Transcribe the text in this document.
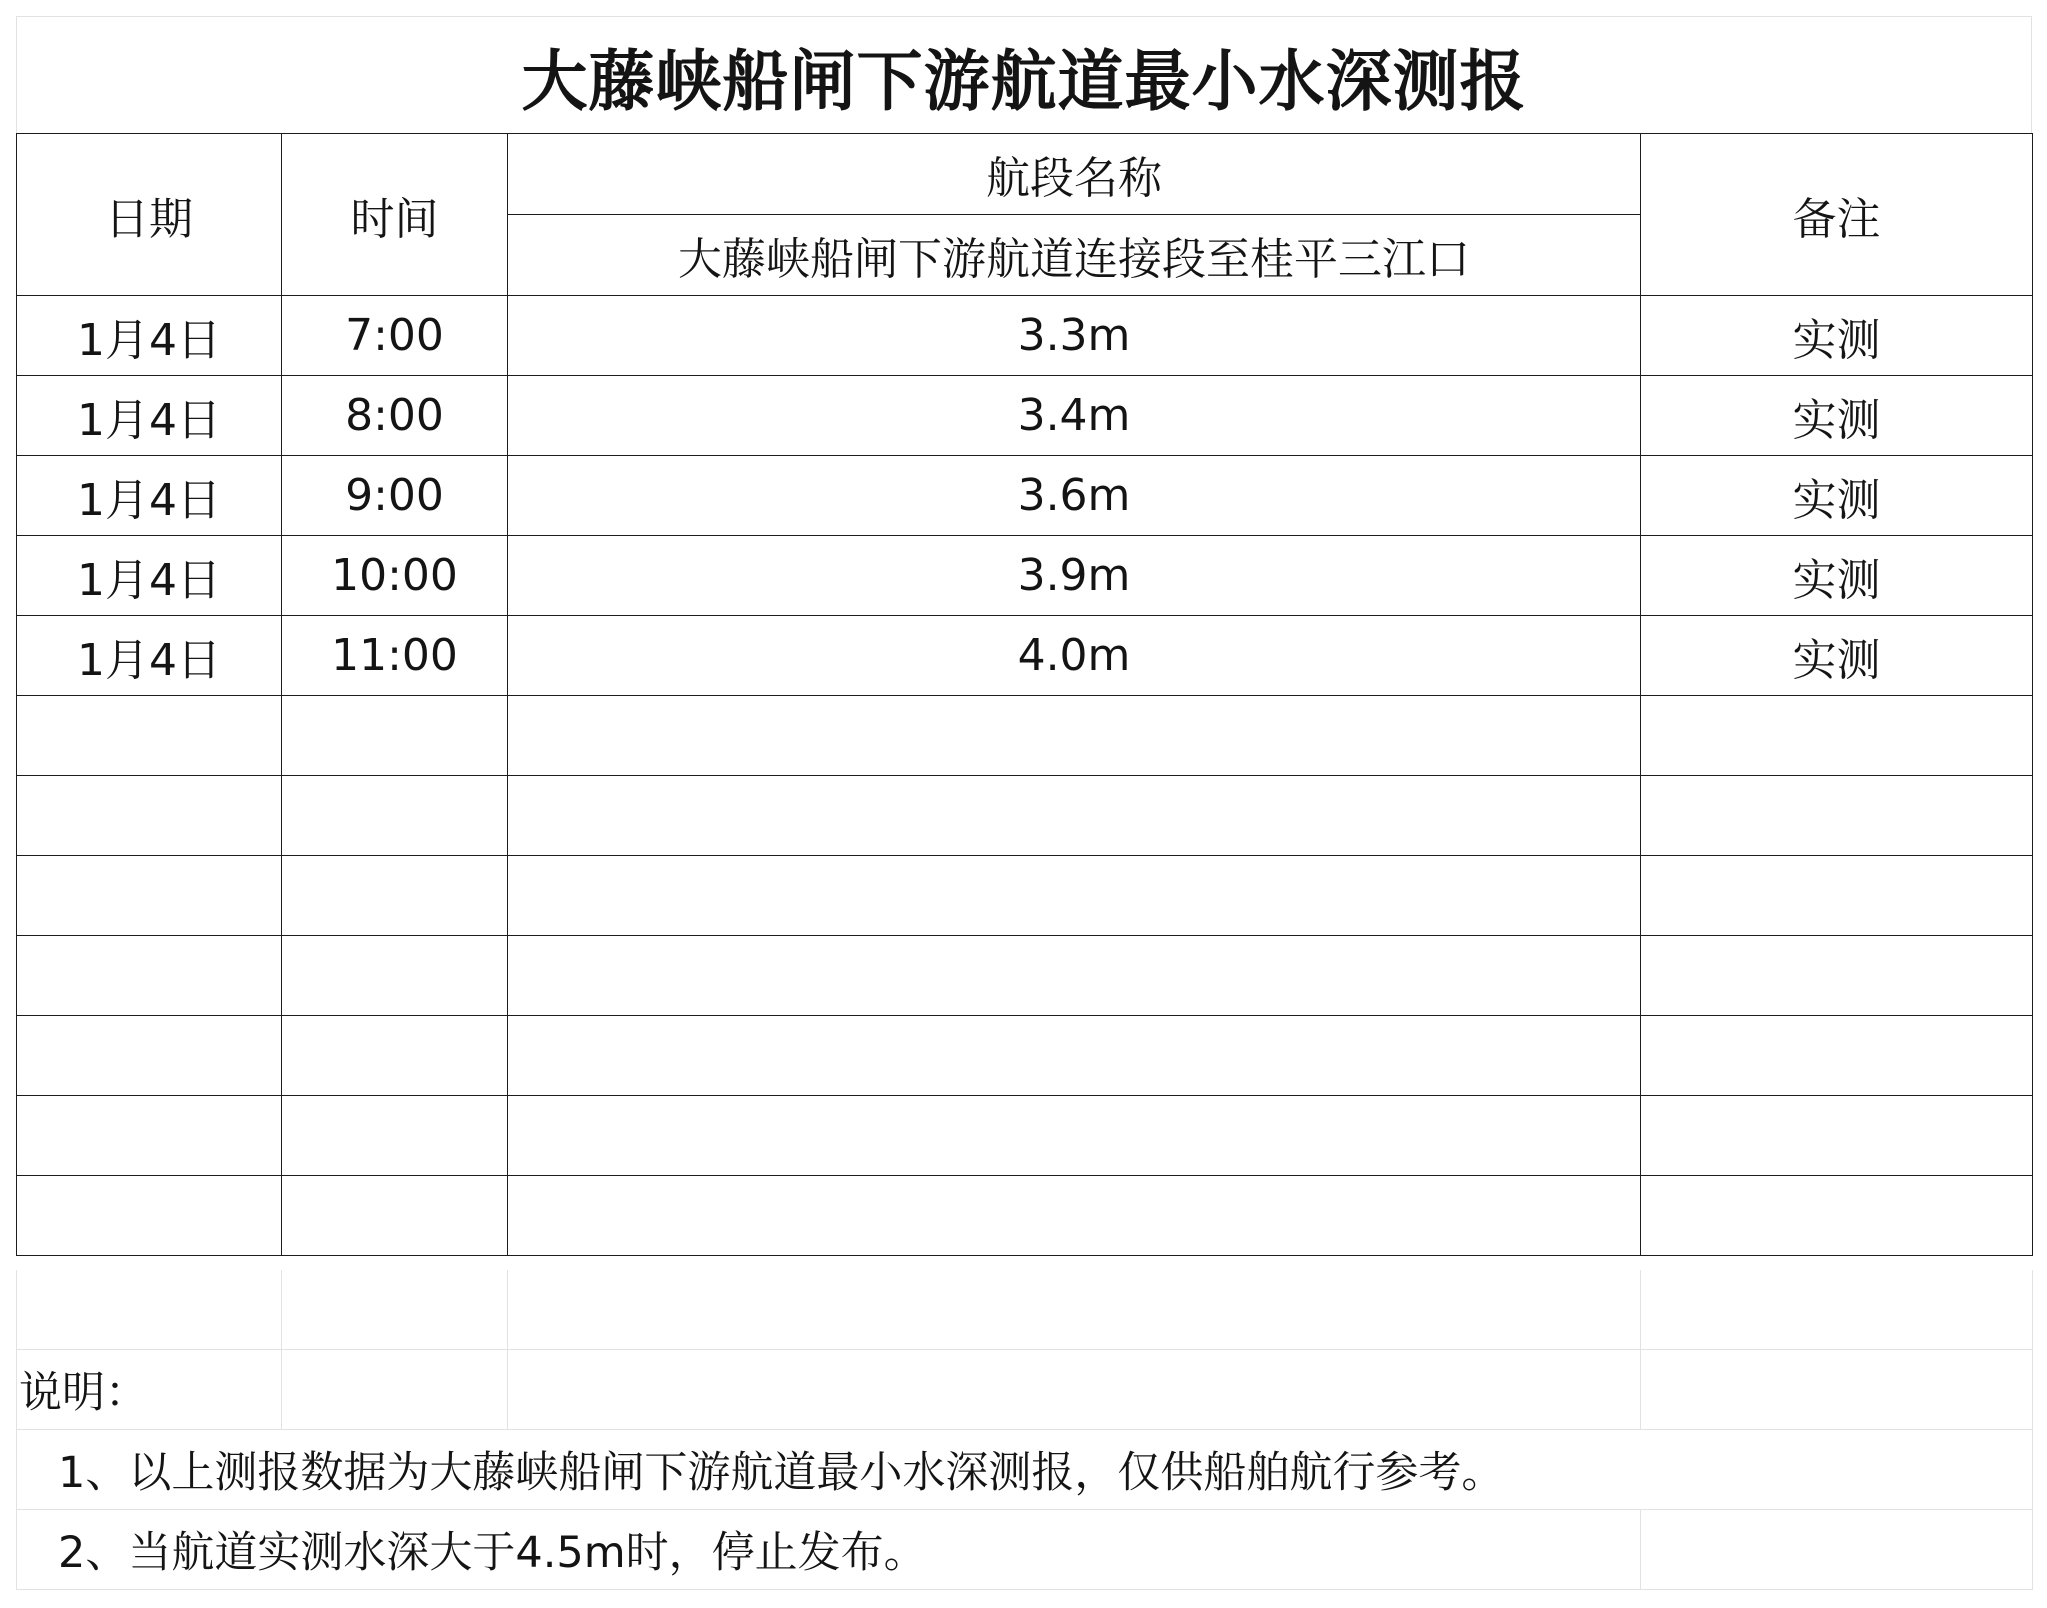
大藤峡船闸下游航道最小水深测报
日期	时间	航段名称	备注
		大藤峡船闸下游航道连接段至桂平三江口	
1月4日	7:00	3.3m	实测
1月4日	8:00	3.4m	实测
1月4日	9:00	3.6m	实测
1月4日	10:00	3.9m	实测
1月4日	11:00	4.0m	实测

说明：			
1、以上测报数据为大藤峡船闸下游航道最小水深测报，仅供船舶航行参考。			
2、当航道实测水深大于4.5m时，停止发布。			
